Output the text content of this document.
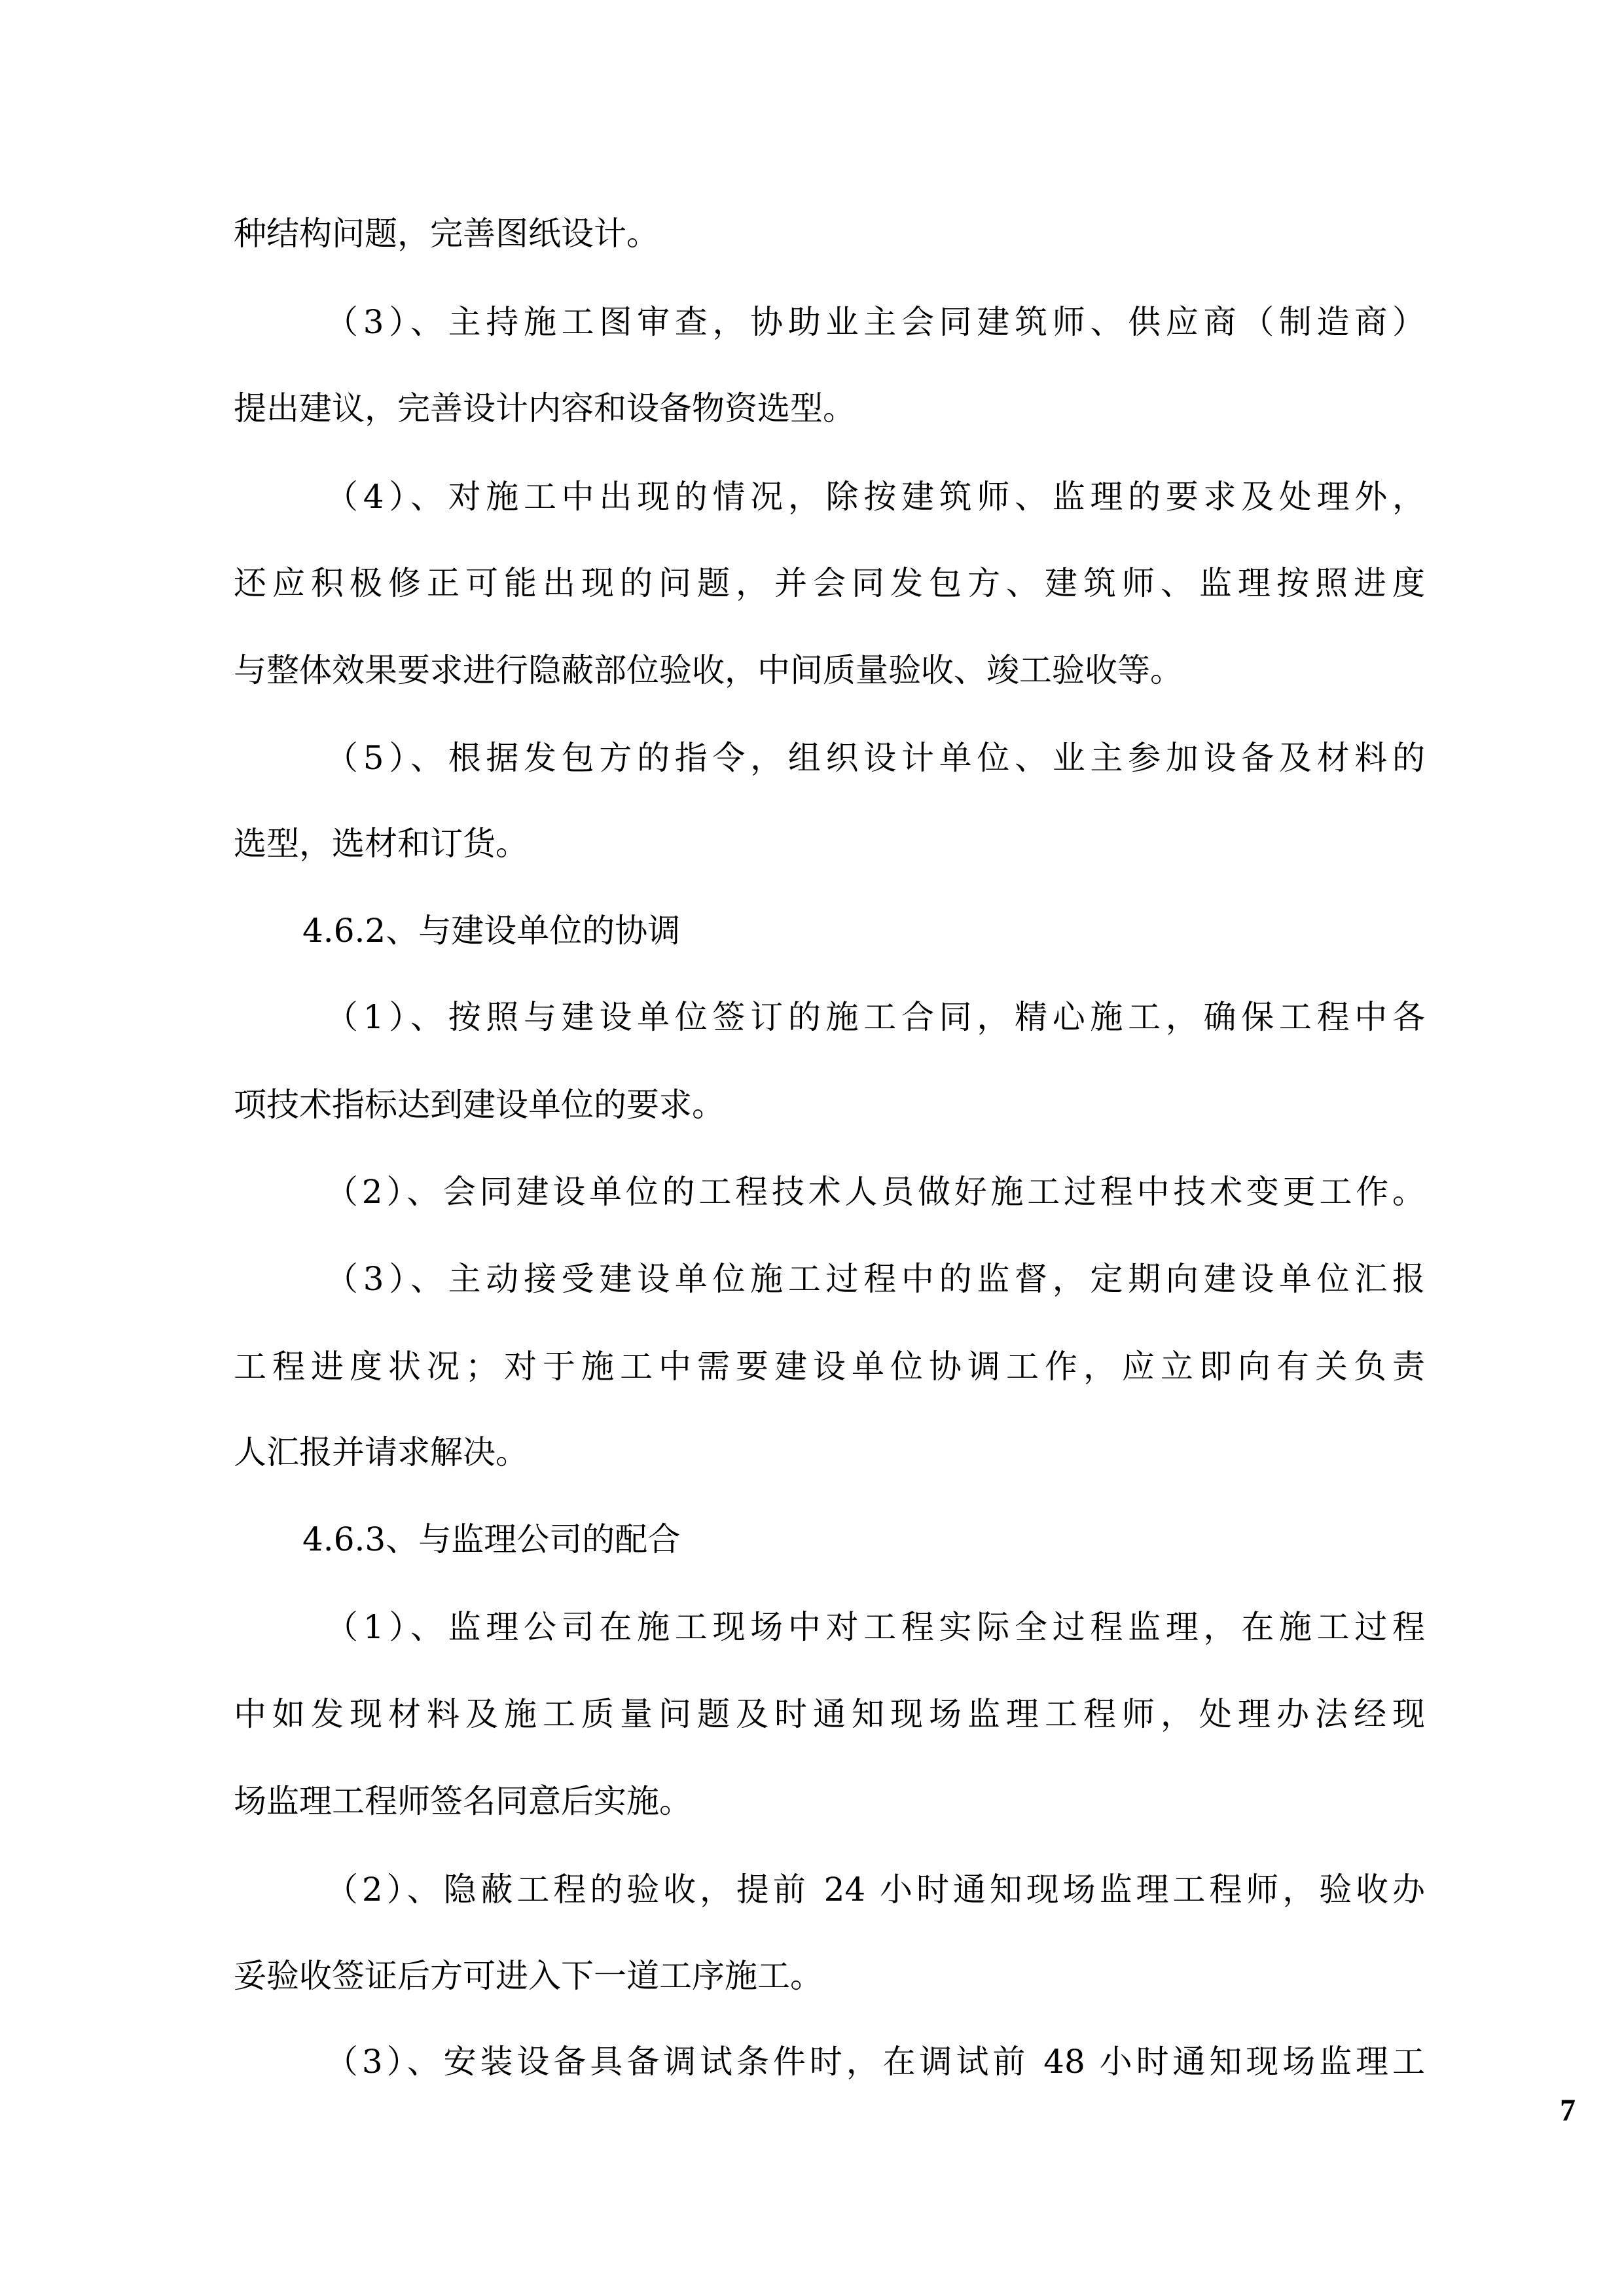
种结构问题，完善图纸设计。
（3）、主持施工图审查，协助业主会同建筑师、供应商（制造商）
提出建议，完善设计内容和设备物资选型。
（4）、对施工中出现的情况，除按建筑师、监理的要求及处理外，
还应积极修正可能出现的问题，并会同发包方、建筑师、监理按照进度
与整体效果要求进行隐蔽部位验收，中间质量验收、竣工验收等。
（5）、根据发包方的指令，组织设计单位、业主参加设备及材料的
选型，选材和订货。
4.6.2、与建设单位的协调
（1）、按照与建设单位签订的施工合同，精心施工，确保工程中各
项技术指标达到建设单位的要求。
（2）、会同建设单位的工程技术人员做好施工过程中技术变更工作。
（3）、主动接受建设单位施工过程中的监督，定期向建设单位汇报
工程进度状况；对于施工中需要建设单位协调工作，应立即向有关负责
人汇报并请求解决。
4.6.3、与监理公司的配合
（1）、监理公司在施工现场中对工程实际全过程监理，在施工过程
中如发现材料及施工质量问题及时通知现场监理工程师，处理办法经现
场监理工程师签名同意后实施。
（2）、隐蔽工程的验收，提前 24 小时通知现场监理工程师，验收办
妥验收签证后方可进入下一道工序施工。
（3）、安装设备具备调试条件时，在调试前 48 小时通知现场监理工
7
